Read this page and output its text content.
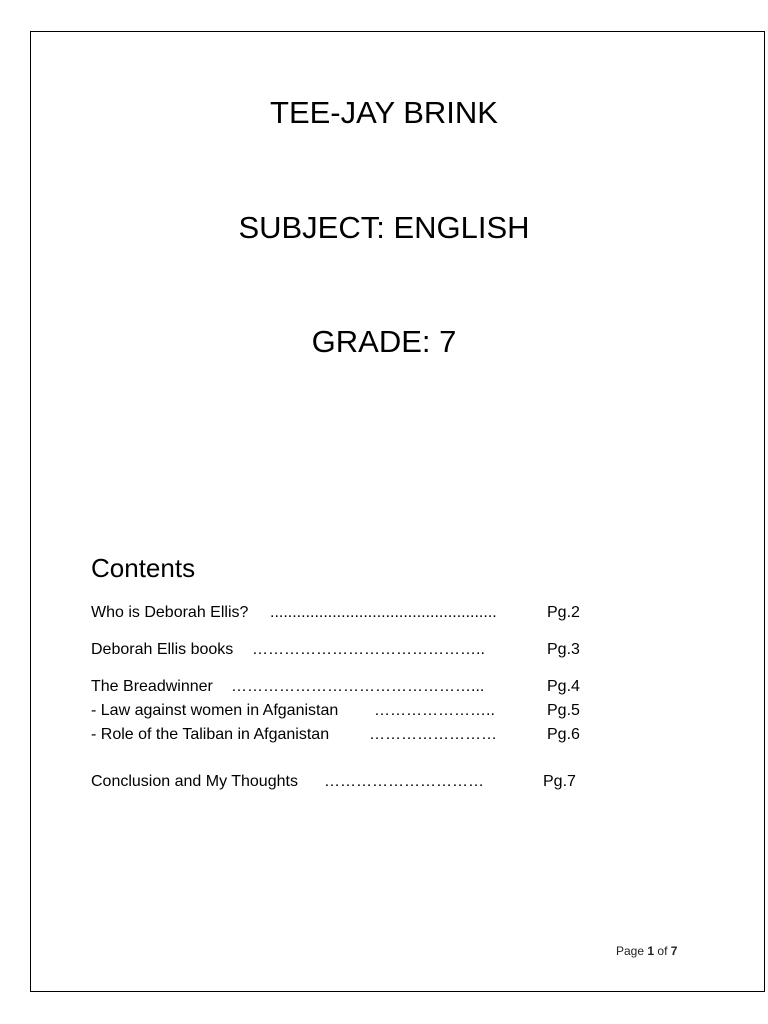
TEE-JAY BRINK
SUBJECT: ENGLISH
GRADE: 7
Contents
Who is Deborah Ellis? ...................................................	Pg.2
Deborah Ellis books ……………………………………..	Pg.3
The Breadwinner ………………………………………...	Pg.4
- Law against women in Afganistan …………………..	Pg.5
- Role of the Taliban in Afganistan ……………………	Pg.6
Conclusion and My Thoughts …………………………	Pg.7
Page 1 of 7
